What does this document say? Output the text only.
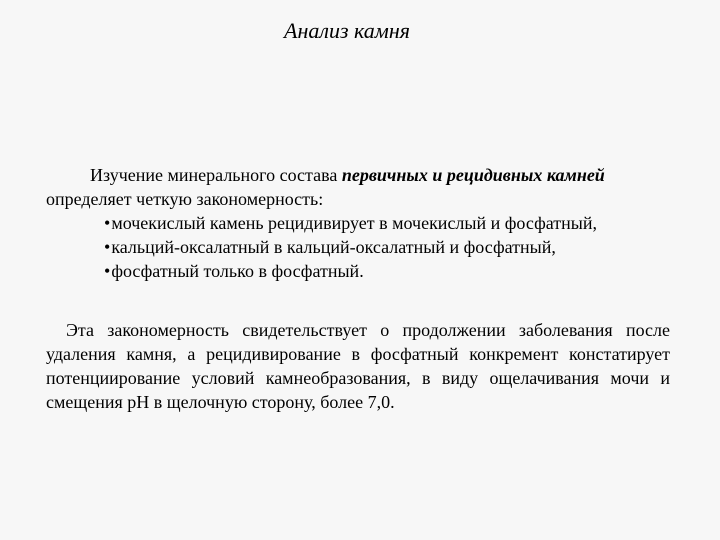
Анализ камня
Изучение минерального состава первичных и рецидивных камней
определяет четкую закономерность:
•мочекислый камень рецидивирует в мочекислый и фосфатный,
•кальций-оксалатный в кальций-оксалатный и фосфатный,
•фосфатный только в фосфатный.
Эта закономерность свидетельствует о продолжении заболевания после удаления камня, а рецидивирование в фосфатный конкремент констатирует потенциирование условий камнеобразования, в виду ощелачивания мочи и смещения рН в щелочную сторону, более 7,0.
